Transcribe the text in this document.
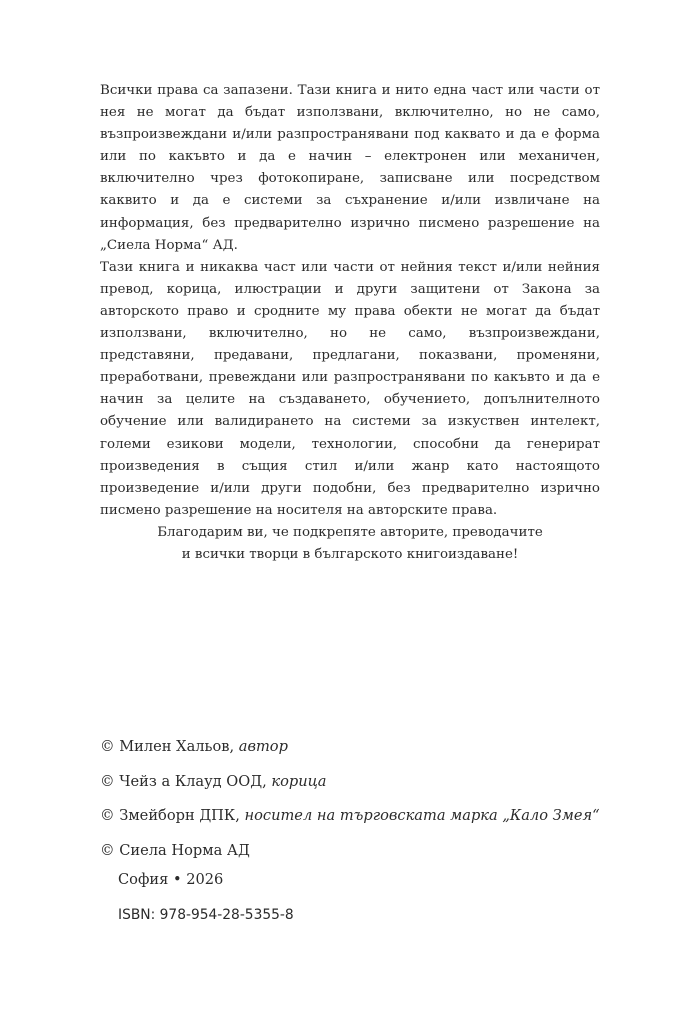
Всички права са запазени. Тази книга и нито една част или части от нея не могат да бъдат използвани, включително, но не само, възпроизвеждани и/или разпространявани под каквато и да е форма или по какъвто и да е начин – електронен или механичен, включително чрез фотокопиране, записване или посредством каквито и да е системи за съхранение и/или извличане на информация, без предварително изрично писмено разрешение на „Сиела Норма“ АД.

Тази книга и никаква част или части от нейния текст и/или нейния превод, корица, илюстрации и други защитени от Закона за авторското право и сродните му права обекти не могат да бъдат използвани, включително, но не само, възпроизвеждани, представяни, предавани, предлагани, показвани, променяни, преработвани, превеждани или разпространявани по какъвто и да е начин за целите на създаването, обучението, допълнителното обучение или валидирането на системи за изкуствен интелект, големи езикови модели, технологии, способни да генерират произведения в същия стил и/или жанр като настоящото произведение и/или други подобни, без предварително изрично писмено разрешение на носителя на авторските права.

Благодарим ви, че подкрепяте авторите, преводачите

и всички творци в българското книгоиздаване!

© Милен Хальов, автор
© Чейз а Клауд ООД, корица
© Змейборн ДПК, носител на търговската марка „Кало Змея“
© Сиела Норма АД
София • 2026
ISBN: 978-954-28-5355-8
